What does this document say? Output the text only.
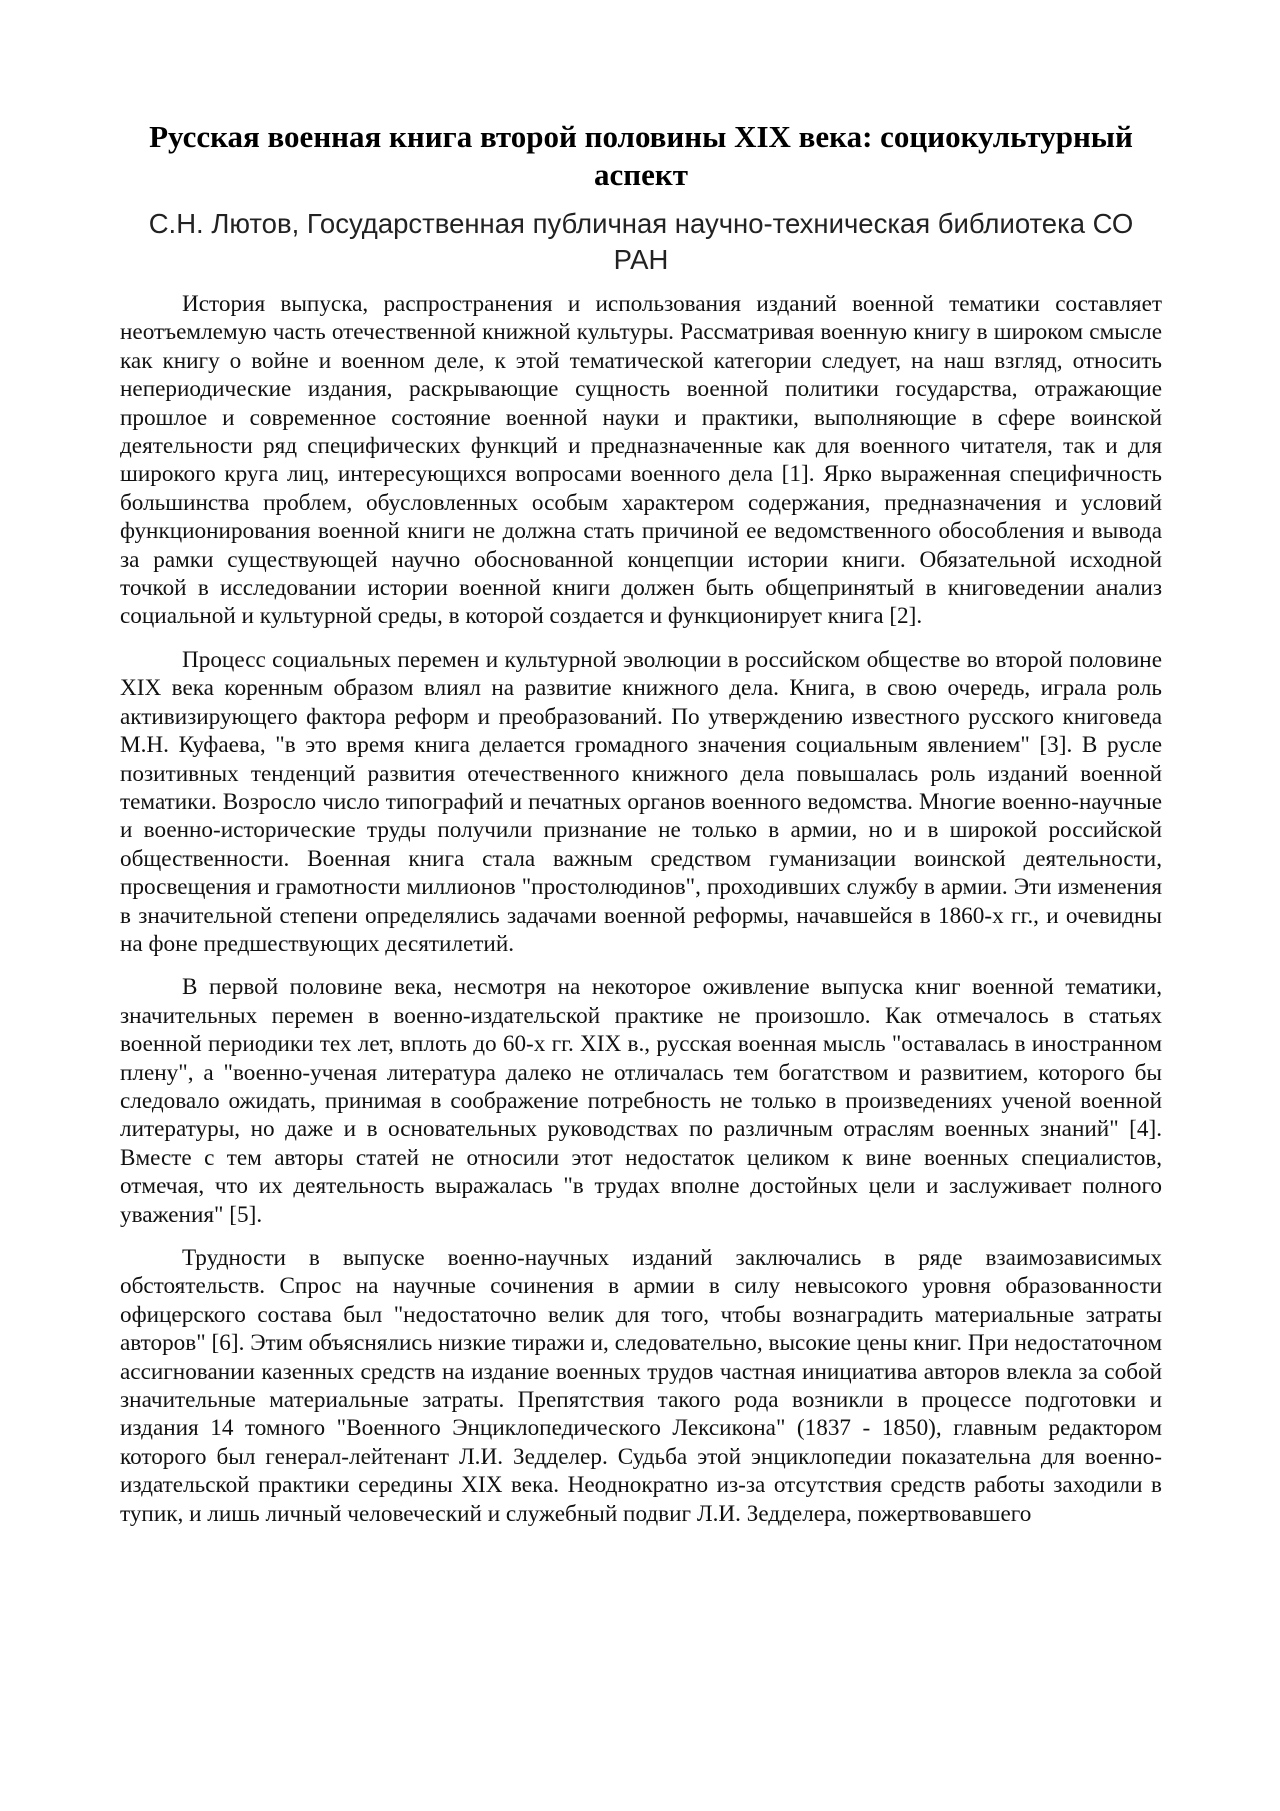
Русская военная книга второй половины XIX века: социокультурный аспект
С.Н. Лютов, Государственная публичная научно-техническая библиотека СО РАН

История выпуска, распространения и использования изданий военной тематики составляет неотъемлемую часть отечественной книжной культуры. Рассматривая военную книгу в широком смысле как книгу о войне и военном деле, к этой тематической категории следует, на наш взгляд, относить непериодические издания, раскрывающие сущность военной политики государства, отражающие прошлое и современное состояние военной науки и практики, выполняющие в сфере воинской деятельности ряд специфических функций и предназначенные как для военного читателя, так и для широкого круга лиц, интересующихся вопросами военного дела [1]. Ярко выраженная специфичность большинства проблем, обусловленных особым характером содержания, предназначения и условий функционирования военной книги не должна стать причиной ее ведомственного обособления и вывода за рамки существующей научно обоснованной концепции истории книги. Обязательной исходной точкой в исследовании истории военной книги должен быть общепринятый в книговедении анализ социальной и культурной среды, в которой создается и функционирует книга [2].

Процесс социальных перемен и культурной эволюции в российском обществе во второй половине XIX века коренным образом влиял на развитие книжного дела. Книга, в свою очередь, играла роль активизирующего фактора реформ и преобразований. По утверждению известного русского книговеда М.Н. Куфаева, "в это время книга делается громадного значения социальным явлением" [3]. В русле позитивных тенденций развития отечественного книжного дела повышалась роль изданий военной тематики. Возросло число типографий и печатных органов военного ведомства. Многие военно-научные и военно-исторические труды получили признание не только в армии, но и в широкой российской общественности. Военная книга стала важным средством гуманизации воинской деятельности, просвещения и грамотности миллионов "простолюдинов", проходивших службу в армии. Эти изменения в значительной степени определялись задачами военной реформы, начавшейся в 1860-х гг., и очевидны на фоне предшествующих десятилетий.

В первой половине века, несмотря на некоторое оживление выпуска книг военной тематики, значительных перемен в военно-издательской практике не произошло. Как отмечалось в статьях военной периодики тех лет, вплоть до 60-х гг. XIX в., русская военная мысль "оставалась в иностранном плену", а "военно-ученая литература далеко не отличалась тем богатством и развитием, которого бы следовало ожидать, принимая в соображение потребность не только в произведениях ученой военной литературы, но даже и в основательных руководствах по различным отраслям военных знаний" [4]. Вместе с тем авторы статей не относили этот недостаток целиком к вине военных специалистов, отмечая, что их деятельность выражалась "в трудах вполне достойных цели и заслуживает полного уважения" [5].

Трудности в выпуске военно-научных изданий заключались в ряде взаимозависимых обстоятельств. Спрос на научные сочинения в армии в силу невысокого уровня образованности офицерского состава был "недостаточно велик для того, чтобы вознаградить материальные затраты авторов" [6]. Этим объяснялись низкие тиражи и, следовательно, высокие цены книг. При недостаточном ассигновании казенных средств на издание военных трудов частная инициатива авторов влекла за собой значительные материальные затраты. Препятствия такого рода возникли в процессе подготовки и издания 14 томного "Военного Энциклопедического Лексикона" (1837 - 1850), главным редактором которого был генерал-лейтенант Л.И. Зедделер. Судьба этой энциклопедии показательна для военно-издательской практики середины XIX века. Неоднократно из-за отсутствия средств работы заходили в тупик, и лишь личный человеческий и служебный подвиг Л.И. Зедделера, пожертвовавшего
